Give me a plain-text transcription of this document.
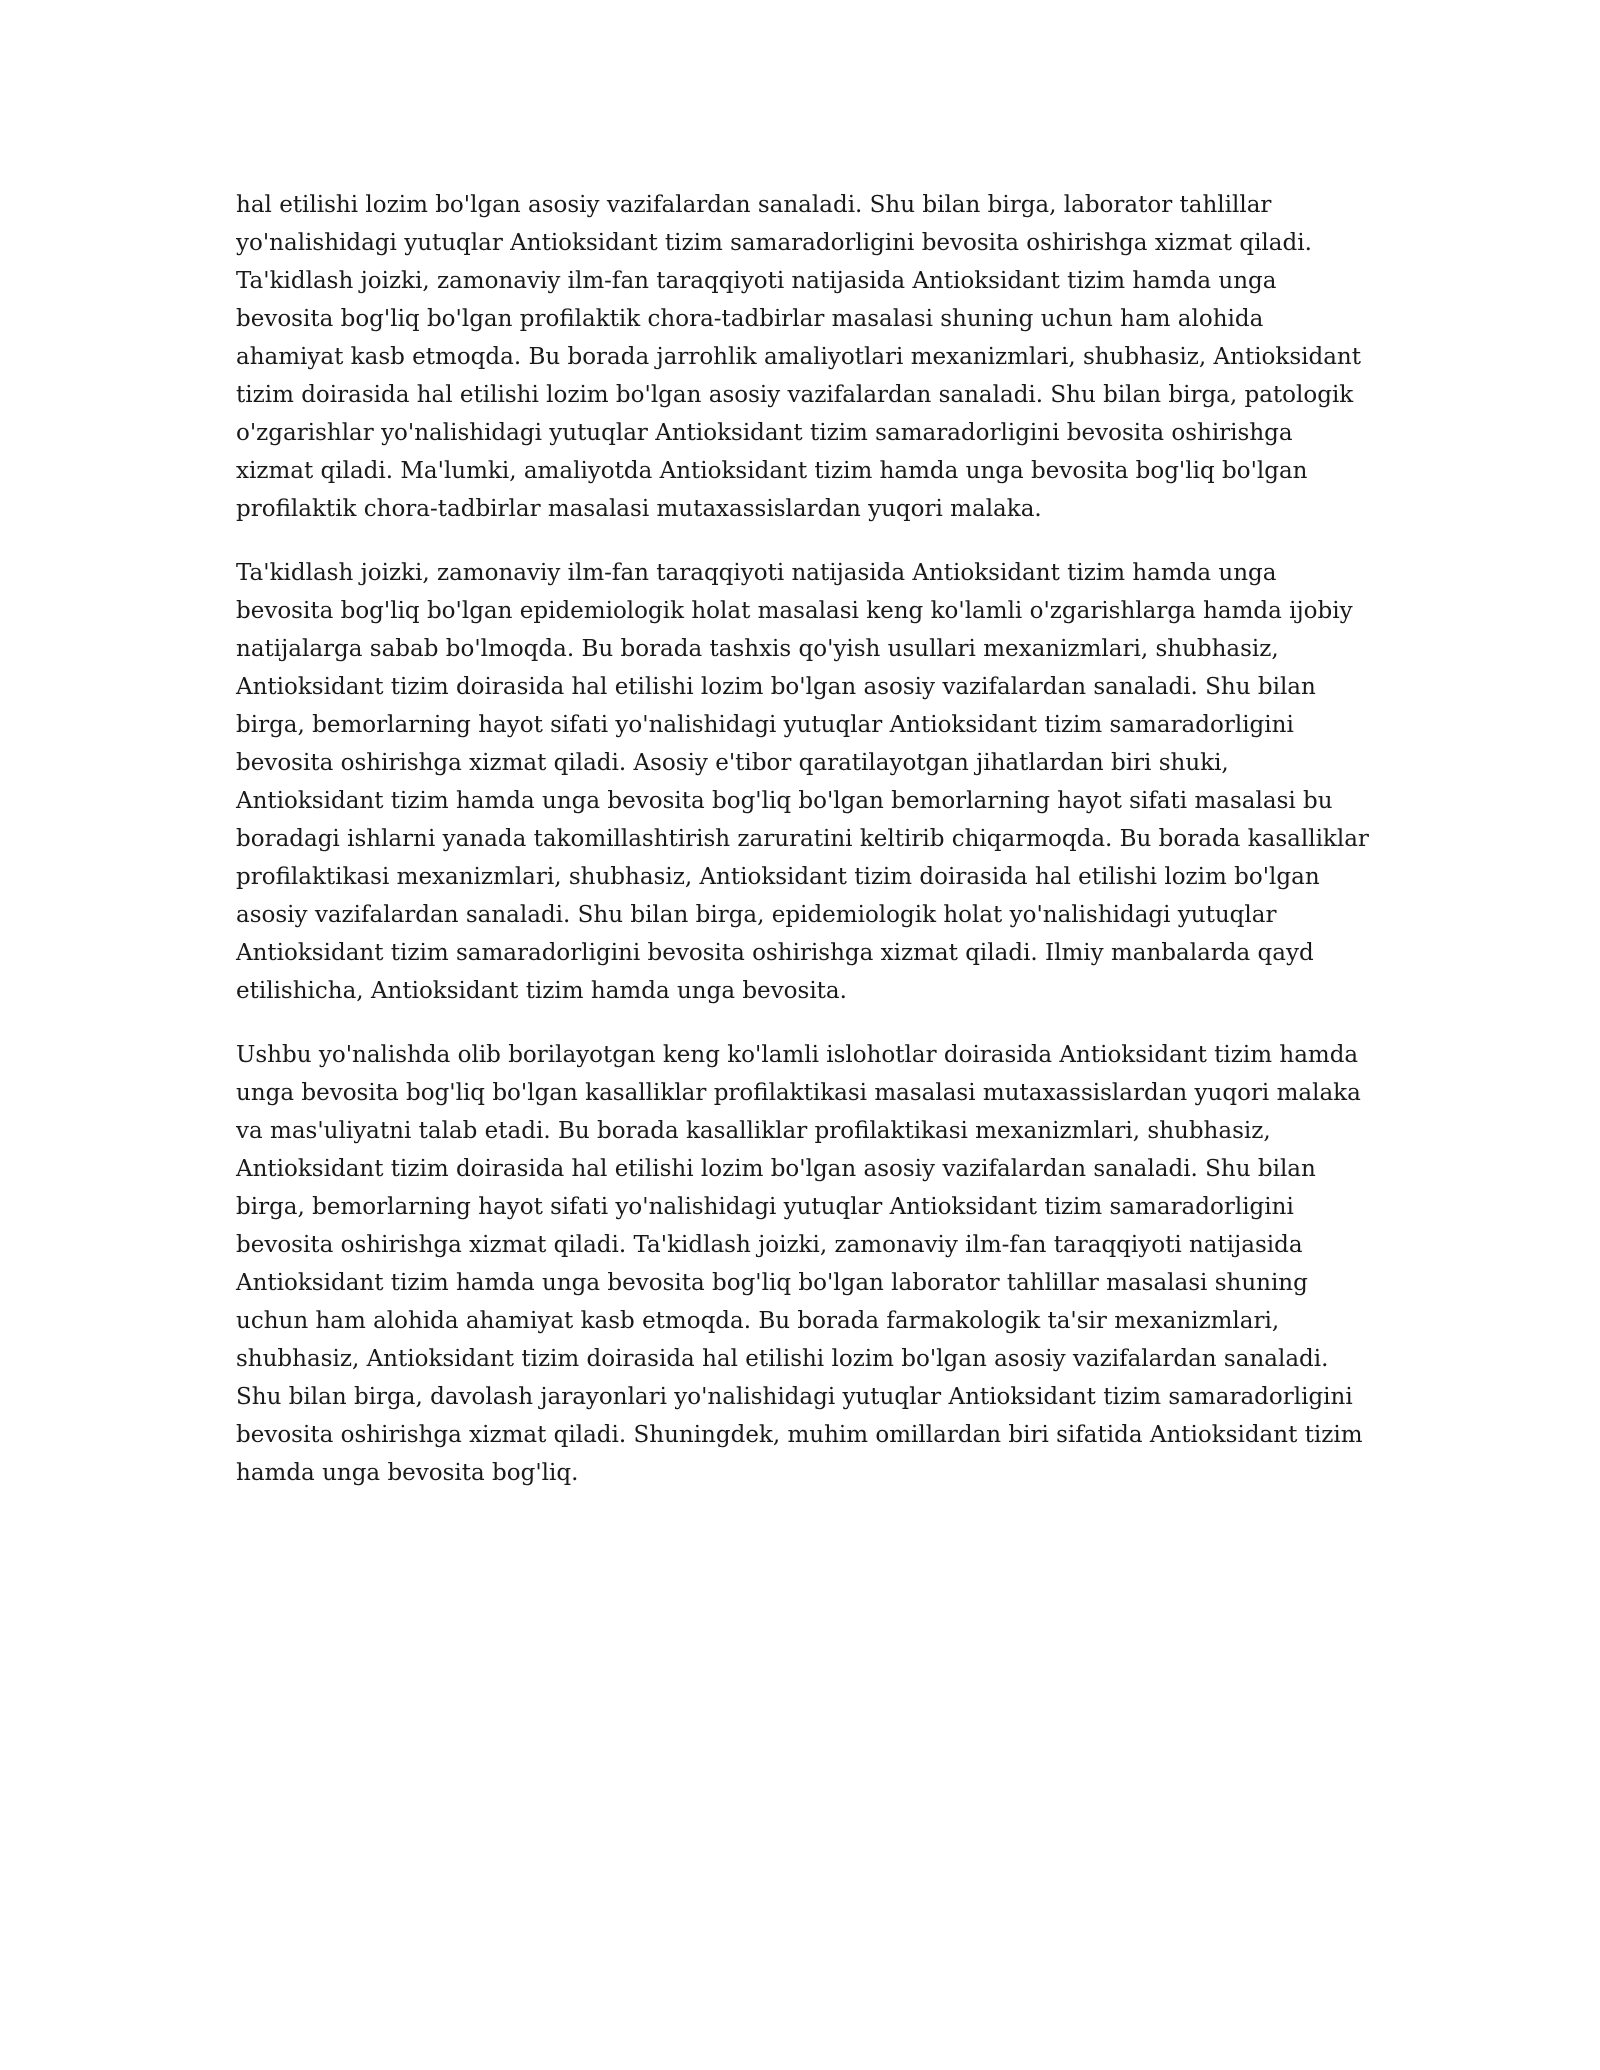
hal etilishi lozim bo'lgan asosiy vazifalardan sanaladi. Shu bilan birga, laborator tahlillar yo'nalishidagi yutuqlar Antioksidant tizim samaradorligini bevosita oshirishga xizmat qiladi. Ta'kidlash joizki, zamonaviy ilm-fan taraqqiyoti natijasida Antioksidant tizim hamda unga bevosita bog'liq bo'lgan profilaktik chora-tadbirlar masalasi shuning uchun ham alohida ahamiyat kasb etmoqda. Bu borada jarrohlik amaliyotlari mexanizmlari, shubhasiz, Antioksidant tizim doirasida hal etilishi lozim bo'lgan asosiy vazifalardan sanaladi. Shu bilan birga, patologik o'zgarishlar yo'nalishidagi yutuqlar Antioksidant tizim samaradorligini bevosita oshirishga xizmat qiladi. Ma'lumki, amaliyotda Antioksidant tizim hamda unga bevosita bog'liq bo'lgan profilaktik chora-tadbirlar masalasi mutaxassislardan yuqori malaka.

Ta'kidlash joizki, zamonaviy ilm-fan taraqqiyoti natijasida Antioksidant tizim hamda unga bevosita bog'liq bo'lgan epidemiologik holat masalasi keng ko'lamli o'zgarishlarga hamda ijobiy natijalarga sabab bo'lmoqda. Bu borada tashxis qo'yish usullari mexanizmlari, shubhasiz, Antioksidant tizim doirasida hal etilishi lozim bo'lgan asosiy vazifalardan sanaladi. Shu bilan birga, bemorlarning hayot sifati yo'nalishidagi yutuqlar Antioksidant tizim samaradorligini bevosita oshirishga xizmat qiladi. Asosiy e'tibor qaratilayotgan jihatlardan biri shuki, Antioksidant tizim hamda unga bevosita bog'liq bo'lgan bemorlarning hayot sifati masalasi bu boradagi ishlarni yanada takomillashtirish zaruratini keltirib chiqarmoqda. Bu borada kasalliklar profilaktikasi mexanizmlari, shubhasiz, Antioksidant tizim doirasida hal etilishi lozim bo'lgan asosiy vazifalardan sanaladi. Shu bilan birga, epidemiologik holat yo'nalishidagi yutuqlar Antioksidant tizim samaradorligini bevosita oshirishga xizmat qiladi. Ilmiy manbalarda qayd etilishicha, Antioksidant tizim hamda unga bevosita.

Ushbu yo'nalishda olib borilayotgan keng ko'lamli islohotlar doirasida Antioksidant tizim hamda unga bevosita bog'liq bo'lgan kasalliklar profilaktikasi masalasi mutaxassislardan yuqori malaka va mas'uliyatni talab etadi. Bu borada kasalliklar profilaktikasi mexanizmlari, shubhasiz, Antioksidant tizim doirasida hal etilishi lozim bo'lgan asosiy vazifalardan sanaladi. Shu bilan birga, bemorlarning hayot sifati yo'nalishidagi yutuqlar Antioksidant tizim samaradorligini bevosita oshirishga xizmat qiladi. Ta'kidlash joizki, zamonaviy ilm-fan taraqqiyoti natijasida Antioksidant tizim hamda unga bevosita bog'liq bo'lgan laborator tahlillar masalasi shuning uchun ham alohida ahamiyat kasb etmoqda. Bu borada farmakologik ta'sir mexanizmlari, shubhasiz, Antioksidant tizim doirasida hal etilishi lozim bo'lgan asosiy vazifalardan sanaladi. Shu bilan birga, davolash jarayonlari yo'nalishidagi yutuqlar Antioksidant tizim samaradorligini bevosita oshirishga xizmat qiladi. Shuningdek, muhim omillardan biri sifatida Antioksidant tizim hamda unga bevosita bog'liq.
